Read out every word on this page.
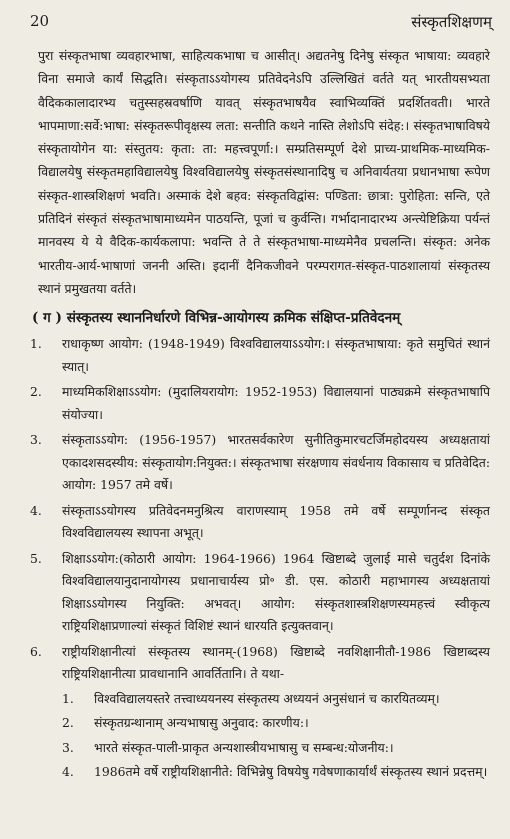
20	संस्कृतशिक्षणम्
पुरा संस्कृतभाषा व्यवहारभाषा, साहित्यकभाषा च आसीत्। अद्यतनेषु दिनेषु संस्कृत भाषाया: व्यवहारे विना समाजे कार्यं सिद्धति। संस्कृताऽऽयोगस्य प्रतिवेदनेऽपि उल्लिखितं वर्तते यत् भारतीयसभ्यता वैदिककालादारभ्य चतुस्सहस्रवर्षाणि यावत् संस्कृतभाषयैव स्वाभिव्यक्तिं प्रदर्शितवती। भारते भापमाणा:सर्वे:भाषा: संस्कृतरूपीवृक्षस्य लता: सन्तीति कथने नास्ति लेशोऽपि संदेह:। संस्कृतभाषाविषये संस्कृतायोगेन या: संस्तुतय: कृता: ता: महत्त्वपूर्णा:। सम्प्रतिसम्पूर्ण देशे प्राच्य-प्राथमिक-माध्यमिक-विद्यालयेषु संस्कृतमहाविद्यालयेषु विश्वविद्यालयेषु संस्कृतसंस्थानादिषु च अनिवार्यतया प्रधानभाषा रूपेण संस्कृत-शास्त्रशिक्षणं भवति। अस्माकं देशे बहव: संस्कृतविद्वांस: पण्डिता: छात्रा: पुरोहिता: सन्ति, एते प्रतिदिनं संस्कृतं संस्कृतभाषामाध्यमेन पाठयन्ति, पूजां च कुर्वन्ति। गर्भादानादारभ्य अन्त्येष्टिक्रिया पर्यन्तं मानवस्य ये ये वैदिक-कार्यकलापा: भवन्ति ते ते संस्कृतभाषा-माध्यमेनैव प्रचलन्ति। संस्कृत: अनेक भारतीय-आर्य-भाषाणां जननी अस्ति। इदानीं दैनिकजीवने परम्परागत-संस्कृत-पाठशालायां संस्कृतस्य स्थानं प्रमुखतया वर्तते।
( ग ) संस्कृतस्य स्थाननिर्धारणे विभिन्न-आयोगस्य क्रमिक संक्षिप्त-प्रतिवेदनम्
1. राधाकृष्ण आयोग: (1948-1949) विश्वविद्यालयाऽऽयोग:। संस्कृतभाषाया: कृते समुचितं स्थानं स्यात्।
2. माध्यमिकशिक्षाऽऽयोग: (मुदालियरायोग: 1952-1953) विद्यालयानां पाठ्यक्रमे संस्कृतभाषापि संयोज्या।
3. संस्कृताऽऽयोग: (1956-1957) भारतसर्वकारेण सुनीतिकुमारचटर्जिमहोदयस्य अध्यक्षतायां एकादशसदस्यीय: संस्कृतायोग:नियुक्त:। संस्कृतभाषा संरक्षणाय संवर्धनाय विकासाय च प्रतिवेदित: आयोग: 1957 तमे वर्षे।
4. संस्कृताऽऽयोगस्य प्रतिवेदनमनुश्रित्य वाराणस्याम् 1958 तमे वर्षे सम्पूर्णानन्द संस्कृत विश्वविद्यालयस्य स्थापना अभूत्।
5. शिक्षाऽऽयोग:(कोठारी आयोग: 1964-1966) 1964 खिष्टाब्दे जुलाई मासे चतुर्दश दिनांके विश्वविद्यालयानुदानायोगस्य प्रधानाचार्यस्य प्रो॰ डी. एस. कोठारी महाभागस्य अध्यक्षतायां शिक्षाऽऽयोगस्य नियुक्ति: अभवत्। आयोग: संस्कृतशास्त्रशिक्षणस्यमहत्त्वं स्वीकृत्य राष्ट्रियशिक्षाप्रणाल्यां संस्कृतं विशिष्टं स्थानं धारयति इत्युक्तवान्।
6. राष्ट्रीयशिक्षानीत्यां संस्कृतस्य स्थानम्-(1968) खिष्टाब्दे नवशिक्षानीतौ-1986 खिष्टाब्दस्य राष्ट्रियशिक्षानीत्या प्रावधानानि आवर्तितानि। ते यथा-
1. विश्वविद्यालयस्तरे तत्त्वाध्ययनस्य संस्कृतस्य अध्ययनं अनुसंधानं च कारयितव्यम्।
2. संस्कृतग्रन्थानाम् अन्यभाषासु अनुवाद: कारणीय:।
3. भारते संस्कृत-पाली-प्राकृत अन्यशास्त्रीयभाषासु च सम्बन्ध:योजनीय:।
4. 1986तमे वर्षे राष्ट्रीयशिक्षानीते: विभिन्नेषु विषयेषु गवेषणाकार्यार्थं संस्कृतस्य स्थानं प्रदत्तम्।
